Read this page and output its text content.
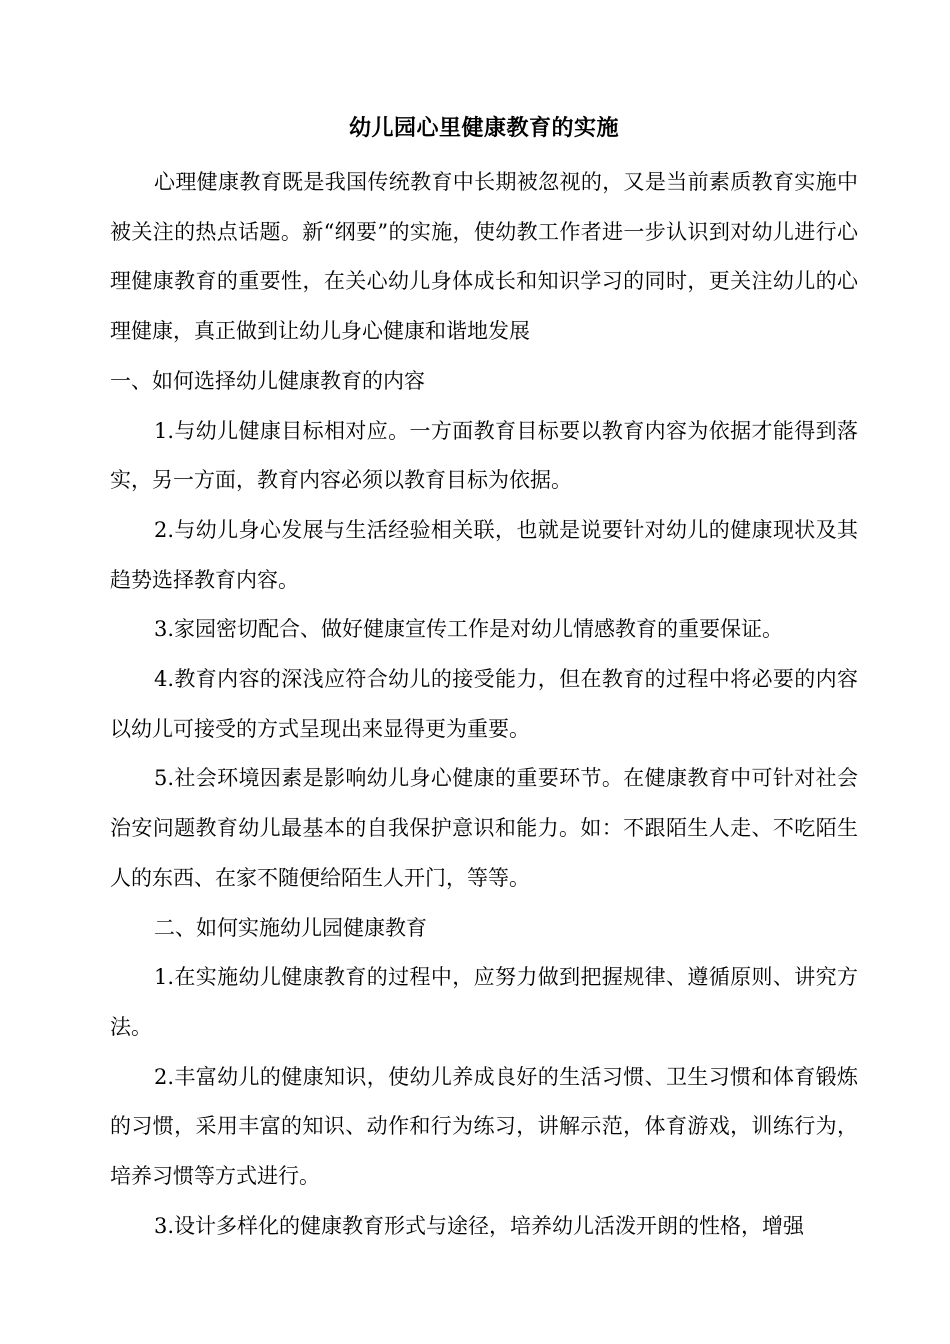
幼儿园心里健康教育的实施

心理健康教育既是我国传统教育中长期被忽视的，又是当前素质教育实施中被关注的热点话题。新“纲要”的实施，使幼教工作者进一步认识到对幼儿进行心理健康教育的重要性，在关心幼儿身体成长和知识学习的同时，更关注幼儿的心理健康，真正做到让幼儿身心健康和谐地发展

一、如何选择幼儿健康教育的内容

1.与幼儿健康目标相对应。一方面教育目标要以教育内容为依据才能得到落实，另一方面，教育内容必须以教育目标为依据。

2.与幼儿身心发展与生活经验相关联，也就是说要针对幼儿的健康现状及其趋势选择教育内容。

3.家园密切配合、做好健康宣传工作是对幼儿情感教育的重要保证。

4.教育内容的深浅应符合幼儿的接受能力，但在教育的过程中将必要的内容以幼儿可接受的方式呈现出来显得更为重要。

5.社会环境因素是影响幼儿身心健康的重要环节。在健康教育中可针对社会治安问题教育幼儿最基本的自我保护意识和能力。如：不跟陌生人走、不吃陌生人的东西、在家不随便给陌生人开门，等等。

二、如何实施幼儿园健康教育

1.在实施幼儿健康教育的过程中，应努力做到把握规律、遵循原则、讲究方法。

2.丰富幼儿的健康知识，使幼儿养成良好的生活习惯、卫生习惯和体育锻炼的习惯，采用丰富的知识、动作和行为练习，讲解示范，体育游戏，训练行为，培养习惯等方式进行。

3.设计多样化的健康教育形式与途径，培养幼儿活泼开朗的性格，增强
